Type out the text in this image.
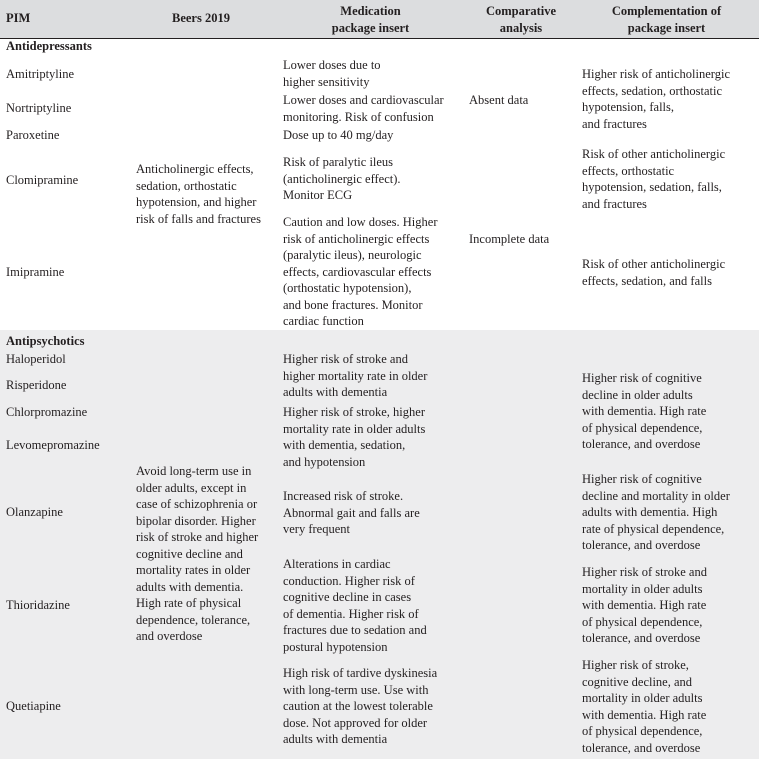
PIM	Beers 2019	Medication
package insert
Comparative
analysis
Complementation of
package insert
Antidepressants
Amitriptyline
Nortriptyline
Paroxetine
Clomipramine
Imipramine
Anticholinergic effects,
sedation, orthostatic
hypotension, and higher
risk of falls and fractures
Lower doses due to
higher sensitivity
Lower doses and cardiovascular
monitoring. Risk of confusion
Dose up to 40 mg/day
Risk of paralytic ileus
(anticholinergic effect).
Monitor ECG
Caution and low doses. Higher
risk of anticholinergic effects
(paralytic ileus), neurologic
effects, cardiovascular effects
(orthostatic hypotension),
and bone fractures. Monitor
cardiac function
Absent data
Incomplete data
Higher risk of anticholinergic
effects, sedation, orthostatic
hypotension, falls,
and fractures
Risk of other anticholinergic
effects, orthostatic
hypotension, sedation, falls,
and fractures
Risk of other anticholinergic
effects, sedation, and falls
Antipsychotics
Haloperidol
Risperidone
Chlorpromazine
Levomepromazine
Olanzapine
Thioridazine
Quetiapine
Avoid long-term use in
older adults, except in
case of schizophrenia or
bipolar disorder. Higher
risk of stroke and higher
cognitive decline and
mortality rates in older
adults with dementia.
High rate of physical
dependence, tolerance,
and overdose
Higher risk of stroke and
higher mortality rate in older
adults with dementia
Higher risk of stroke, higher
mortality rate in older adults
with dementia, sedation,
and hypotension
Increased risk of stroke.
Abnormal gait and falls are
very frequent
Alterations in cardiac
conduction. Higher risk of
cognitive decline in cases
of dementia. Higher risk of
fractures due to sedation and
postural hypotension
High risk of tardive dyskinesia
with long-term use. Use with
caution at the lowest tolerable
dose. Not approved for older
adults with dementia
Higher risk of cognitive
decline in older adults
with dementia. High rate
of physical dependence,
tolerance, and overdose
Higher risk of cognitive
decline and mortality in older
adults with dementia. High
rate of physical dependence,
tolerance, and overdose
Higher risk of stroke and
mortality in older adults
with dementia. High rate
of physical dependence,
tolerance, and overdose
Higher risk of stroke,
cognitive decline, and
mortality in older adults
with dementia. High rate
of physical dependence,
tolerance, and overdose
